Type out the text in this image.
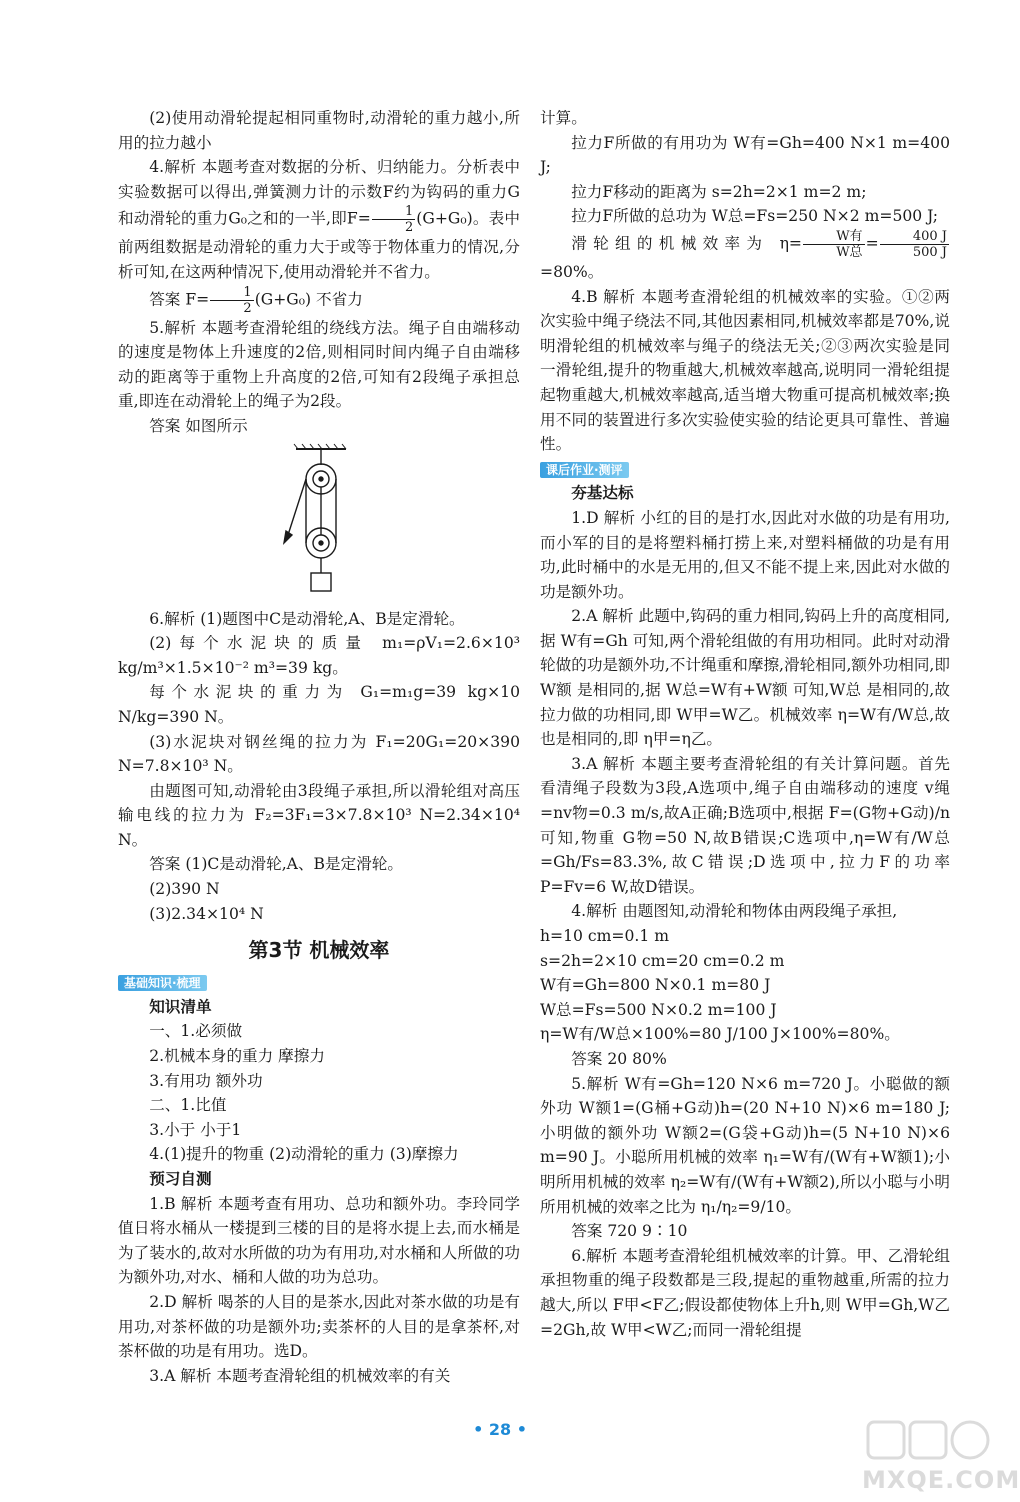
(2)使用动滑轮提起相同重物时,动滑轮的重力越小,所用的拉力越小

4.解析 本题考查对数据的分析、归纳能力。分析表中实验数据可以得出,弹簧测力计的示数F约为钩码的重力G和动滑轮的重力G₀之和的一半,即$F= \frac{1}{2} (G+G_0)$。表中前两组数据是动滑轮的重力大于或等于物体重力的情况,分析可知,在这两种情况下,使用动滑轮并不省力。

答案 $F= \frac{1}{2} (G+G_0)$ 不省力

5.解析 本题考查滑轮组的绕线方法。绳子自由端移动的速度是物体上升速度的2倍,则相同时间内绳子自由端移动的距离等于重物上升高度的2倍,可知有2段绳子承担总重,即连在动滑轮上的绳子为2段。

答案 如图所示

6.解析 (1)题图中C是动滑轮,A、B是定滑轮。

(2)每个水泥块的质量 m₁=ρV₁=2.6×10³ kg/m³×1.5×10⁻² m³=39 kg。

每个水泥块的重力为 G₁=m₁g=39 kg×10 N/kg=390 N。

(3)水泥块对钢丝绳的拉力为 F₁=20G₁=20×390 N=7.8×10³ N。

由题图可知,动滑轮由3段绳子承担,所以滑轮组对高压输电线的拉力为 F₂=3F₁=3×7.8×10³ N=2.34×10⁴ N。

答案 (1)C是动滑轮,A、B是定滑轮。

(2)390 N

(3)2.34×10⁴ N

第3节 机械效率
基础知识·梳理

知识清单

一、1.必须做

2.机械本身的重力 摩擦力

3.有用功 额外功

二、1.比值

3.小于 小于1

4.(1)提升的物重 (2)动滑轮的重力 (3)摩擦力

预习自测

1.B 解析 本题考查有用功、总功和额外功。李玲同学值日将水桶从一楼提到三楼的目的是将水提上去,而水桶是为了装水的,故对水所做的功为有用功,对水桶和人所做的功为额外功,对水、桶和人做的功为总功。

2.D 解析 喝茶的人目的是茶水,因此对茶水做的功是有用功,对茶杯做的功是额外功;卖茶杯的人目的是拿茶杯,对茶杯做的功是有用功。选D。

3.A 解析 本题考查滑轮组的机械效率的有关

计算。

拉力F所做的有用功为 W有=Gh=400 N×1 m=400 J;

拉力F移动的距离为 s=2h=2×1 m=2 m;

拉力F所做的总功为 W总=Fs=250 N×2 m=500 J;

滑轮组的机械效率为 $\eta= \frac{\text{W有}}{\text{W总}} = \frac{400 J}{500 J}$
=80%。

4.B 解析 本题考查滑轮组的机械效率的实验。①②两次实验中绳子绕法不同,其他因素相同,机械效率都是70%,说明滑轮组的机械效率与绳子的绕法无关;②③两次实验是同一滑轮组,提升的物重越大,机械效率越高,说明同一滑轮组提起物重越大,机械效率越高,适当增大物重可提高机械效率;换用不同的装置进行多次实验使实验的结论更具可靠性、普遍性。

课后作业·测评

夯基达标

1.D 解析 小红的目的是打水,因此对水做的功是有用功,而小军的目的是将塑料桶打捞上来,对塑料桶做的功是有用功,此时桶中的水是无用的,但又不能不提上来,因此对水做的功是额外功。

2.A 解析 此题中,钩码的重力相同,钩码上升的高度相同,据 W有=Gh 可知,两个滑轮组做的有用功相同。此时对动滑轮做的功是额外功,不计绳重和摩擦,滑轮相同,额外功相同,即 W额 是相同的,据 W总=W有+W额 可知,W总 是相同的,故拉力做的功相同,即 W甲=W乙。机械效率 η=W有/W总,故也是相同的,即 η甲=η乙。

3.A 解析 本题主要考查滑轮组的有关计算问题。首先看清绳子段数为3段,A选项中,绳子自由端移动的速度 v绳=nv物=0.3 m/s,故A正确;B选项中,根据 F=(G物+G动)/n 可知,物重 G物=50 N,故B错误;C选项中,η=W有/W总=Gh/Fs=83.3%,故C错误;D选项中,拉力F的功率 P=Fv=6 W,故D错误。

4.解析 由题图知,动滑轮和物体由两段绳子承担,

h=10 cm=0.1 m

s=2h=2×10 cm=20 cm=0.2 m

W有=Gh=800 N×0.1 m=80 J

W总=Fs=500 N×0.2 m=100 J

η=W有/W总×100%=80 J/100 J×100%=80%。

答案 20 80%

5.解析 W有=Gh=120 N×6 m=720 J。小聪做的额外功 W额1=(G桶+G动)h=(20 N+10 N)×6 m=180 J;小明做的额外功 W额2=(G袋+G动)h=(5 N+10 N)×6 m=90 J。小聪所用机械的效率 η₁=W有/(W有+W额1);小明所用机械的效率 η₂=W有/(W有+W额2),所以小聪与小明所用机械的效率之比为 η₁/η₂=9/10。

答案 720 9∶10

6.解析 本题考查滑轮组机械效率的计算。甲、乙滑轮组承担物重的绳子段数都是三段,提起的重物越重,所需的拉力越大,所以 F甲<F乙;假设都使物体上升h,则 W甲=Gh,W乙=2Gh,故 W甲<W乙;而同一滑轮组提

• 28 •
MXQE.COM
